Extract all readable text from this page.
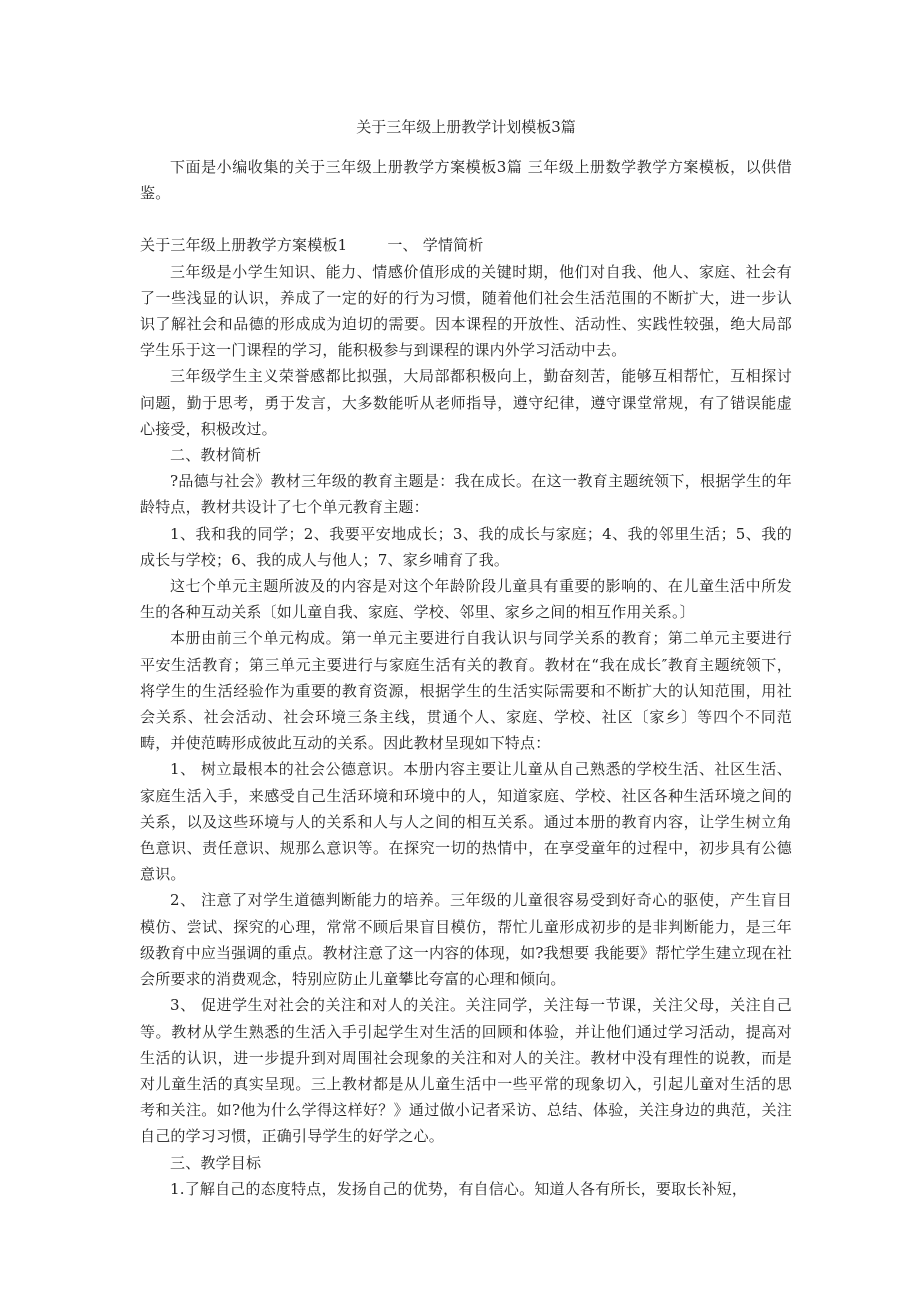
关于三年级上册教学计划模板3篇

下面是小编收集的关于三年级上册教学方案模板3篇 三年级上册数学教学方案模板，以供借鉴。

关于三年级上册教学方案模板1	一、 学情简析

三年级是小学生知识、能力、情感价值形成的关键时期，他们对自我、他人、家庭、社会有了一些浅显的认识，养成了一定的好的行为习惯，随着他们社会生活范围的不断扩大，进一步认识了解社会和品德的形成成为迫切的需要。因本课程的开放性、活动性、实践性较强，绝大局部学生乐于这一门课程的学习，能积极参与到课程的课内外学习活动中去。

三年级学生主义荣誉感都比拟强，大局部都积极向上，勤奋刻苦，能够互相帮忙，互相探讨问题，勤于思考，勇于发言，大多数能听从老师指导，遵守纪律，遵守课堂常规，有了错误能虚心接受，积极改过。

二、教材简析

?品德与社会》教材三年级的教育主题是：我在成长。在这一教育主题统领下，根据学生的年龄特点，教材共设计了七个单元教育主题：

1、我和我的同学；2、我要平安地成长；3、我的成长与家庭；4、我的邻里生活；5、我的成长与学校；6、我的成人与他人；7、家乡哺育了我。

这七个单元主题所波及的内容是对这个年龄阶段儿童具有重要的影响的、在儿童生活中所发生的各种互动关系〔如儿童自我、家庭、学校、邻里、家乡之间的相互作用关系。〕

本册由前三个单元构成。第一单元主要进行自我认识与同学关系的教育；第二单元主要进行平安生活教育；第三单元主要进行与家庭生活有关的教育。教材在“我在成长″教育主题统领下，将学生的生活经验作为重要的教育资源，根据学生的生活实际需要和不断扩大的认知范围，用社会关系、社会活动、社会环境三条主线，贯通个人、家庭、学校、社区〔家乡〕等四个不同范畴，并使范畴形成彼此互动的关系。因此教材呈现如下特点：

1、 树立最根本的社会公德意识。本册内容主要让儿童从自己熟悉的学校生活、社区生活、家庭生活入手，来感受自己生活环境和环境中的人，知道家庭、学校、社区各种生活环境之间的关系，以及这些环境与人的关系和人与人之间的相互关系。通过本册的教育内容，让学生树立角色意识、责任意识、规那么意识等。在探究一切的热情中，在享受童年的过程中，初步具有公德意识。

2、 注意了对学生道德判断能力的培养。三年级的儿童很容易受到好奇心的驱使，产生盲目模仿、尝试、探究的心理，常常不顾后果盲目模仿，帮忙儿童形成初步的是非判断能力，是三年级教育中应当强调的重点。教材注意了这一内容的体现，如?我想要 我能要》帮忙学生建立现在社会所要求的消费观念，特别应防止儿童攀比夸富的心理和倾向。

3、 促进学生对社会的关注和对人的关注。关注同学，关注每一节课，关注父母，关注自己等。教材从学生熟悉的生活入手引起学生对生活的回顾和体验，并让他们通过学习活动，提高对生活的认识，进一步提升到对周围社会现象的关注和对人的关注。教材中没有理性的说教，而是对儿童生活的真实呈现。三上教材都是从儿童生活中一些平常的现象切入，引起儿童对生活的思考和关注。如?他为什么学得这样好？》通过做小记者采访、总结、体验，关注身边的典范，关注自己的学习习惯，正确引导学生的好学之心。

三、教学目标

1.了解自己的态度特点，发扬自己的优势，有自信心。知道人各有所长，要取长补短，
